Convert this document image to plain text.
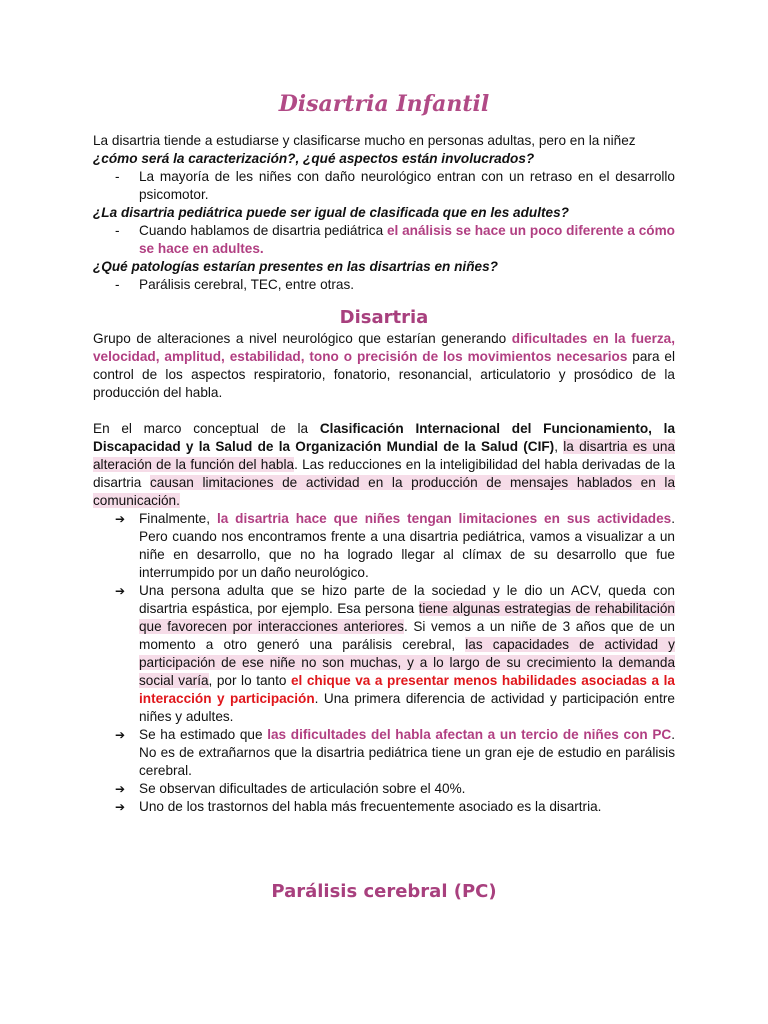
Disartria Infantil

La disartria tiende a estudiarse y clasificarse mucho en personas adultas, pero en la niñez
¿cómo será la caracterización?, ¿qué aspectos están involucrados?

- La mayoría de les niñes con daño neurológico entran con un retraso en el desarrollo psicomotor.

¿La disartria pediátrica puede ser igual de clasificada que en les adultes?

- Cuando hablamos de disartria pediátrica el análisis se hace un poco diferente a cómo se hace en adultes.

¿Qué patologías estarían presentes en las disartrias en niñes?

- Parálisis cerebral, TEC, entre otras.
Disartria

Grupo de alteraciones a nivel neurológico que estarían generando dificultades en la fuerza, velocidad, amplitud, estabilidad, tono o precisión de los movimientos necesarios para el control de los aspectos respiratorio, fonatorio, resonancial, articulatorio y prosódico de la producción del habla.

En el marco conceptual de la Clasificación Internacional del Funcionamiento, la Discapacidad y la Salud de la Organización Mundial de la Salud (CIF), la disartria es una alteración de la función del habla. Las reducciones en la inteligibilidad del habla derivadas de la disartria causan limitaciones de actividad en la producción de mensajes hablados en la comunicación.

➔ Finalmente, la disartria hace que niñes tengan limitaciones en sus actividades. Pero cuando nos encontramos frente a una disartria pediátrica, vamos a visualizar a un niñe en desarrollo, que no ha logrado llegar al clímax de su desarrollo que fue interrumpido por un daño neurológico.
➔ Una persona adulta que se hizo parte de la sociedad y le dio un ACV, queda con disartria espástica, por ejemplo. Esa persona tiene algunas estrategias de rehabilitación que favorecen por interacciones anteriores. Si vemos a un niñe de 3 años que de un momento a otro generó una parálisis cerebral, las capacidades de actividad y participación de ese niñe no son muchas, y a lo largo de su crecimiento la demanda social varía, por lo tanto el chique va a presentar menos habilidades asociadas a la interacción y participación. Una primera diferencia de actividad y participación entre niñes y adultes.
➔ Se ha estimado que las dificultades del habla afectan a un tercio de niñes con PC. No es de extrañarnos que la disartria pediátrica tiene un gran eje de estudio en parálisis cerebral.
➔ Se observan dificultades de articulación sobre el 40%.
➔ Uno de los trastornos del habla más frecuentemente asociado es la disartria.
Parálisis cerebral (PC)
